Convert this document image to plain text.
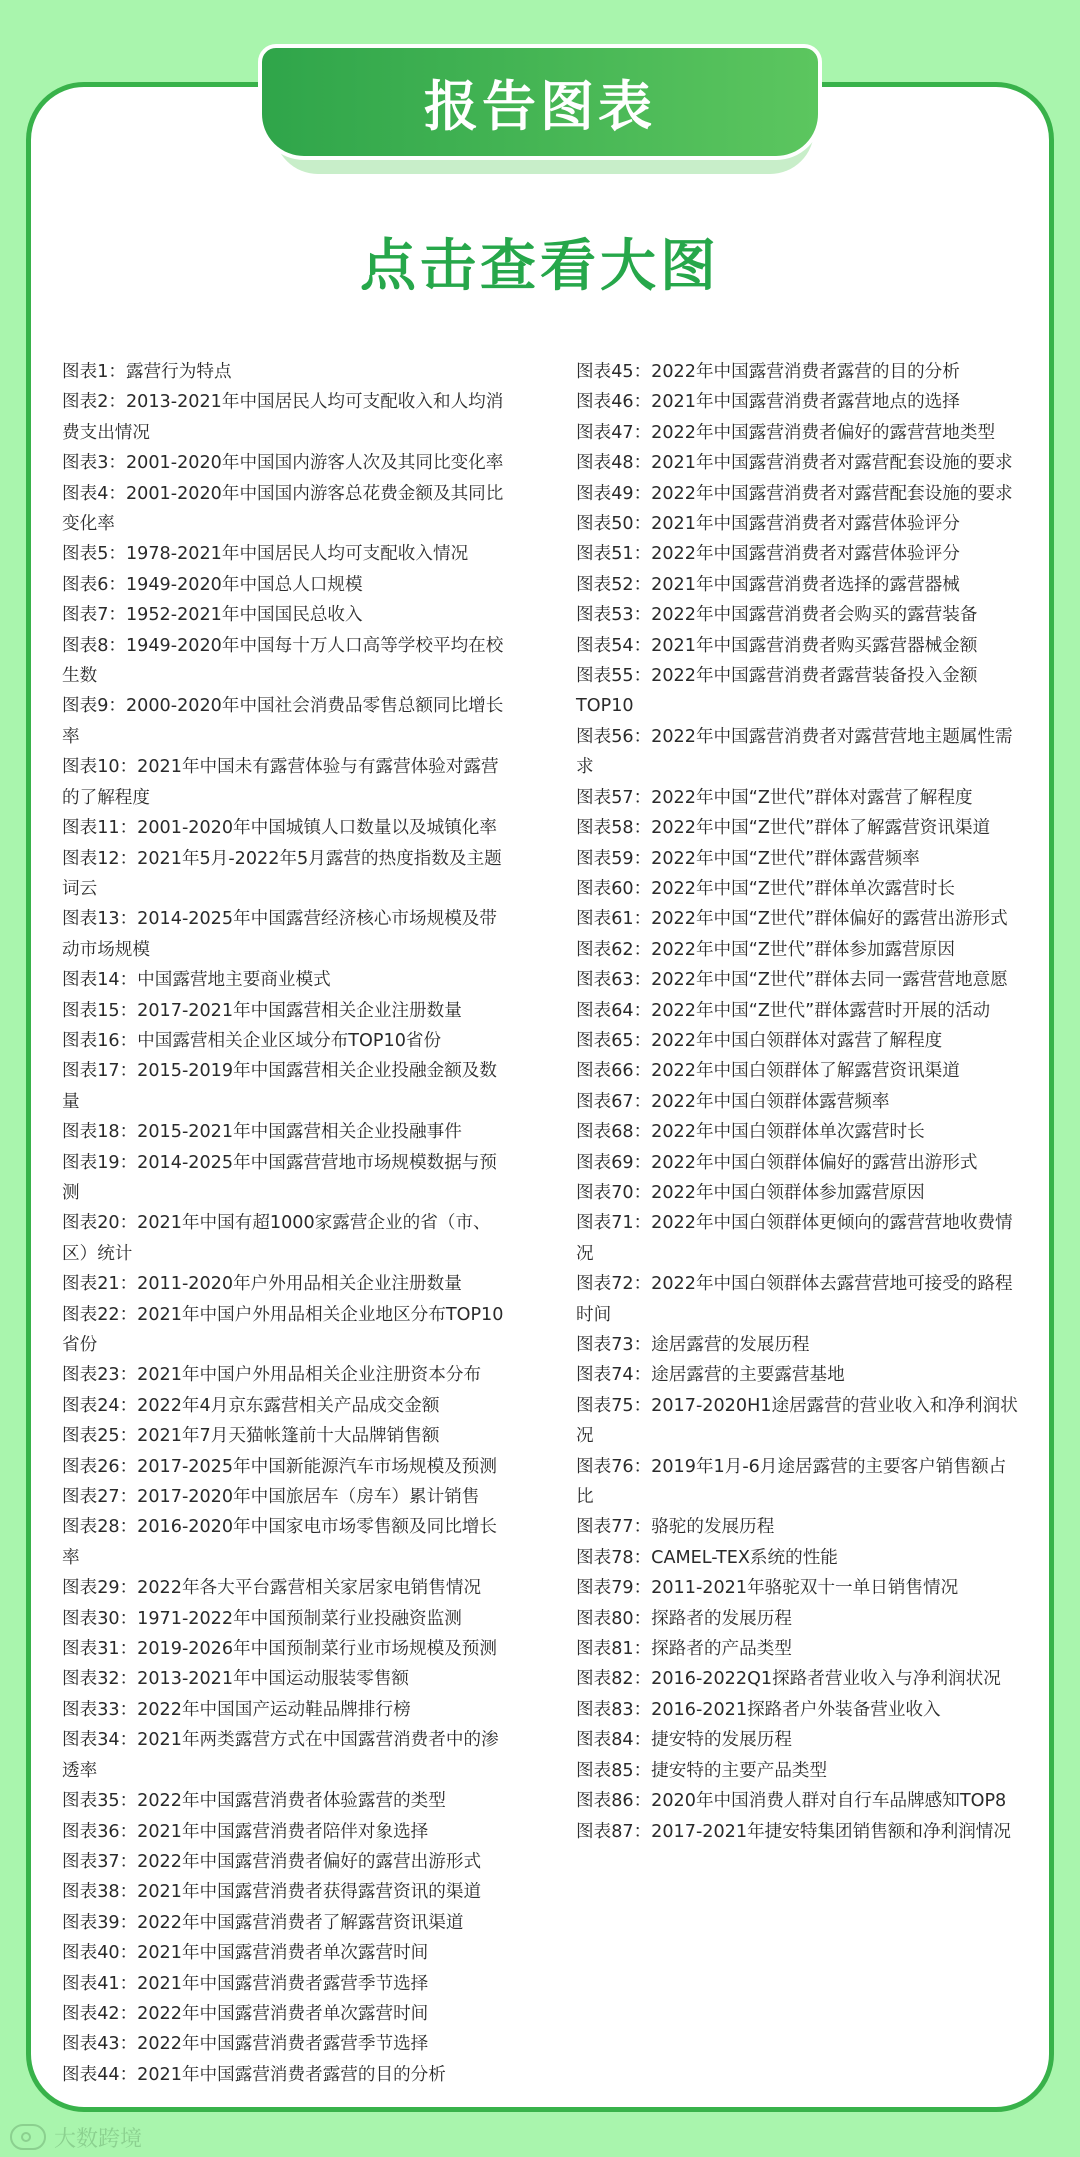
报告图表
点击查看大图
图表1：露营行为特点
图表2：2013-2021年中国居民人均可支配收入和人均消费支出情况
图表3：2001-2020年中国国内游客人次及其同比变化率
图表4：2001-2020年中国国内游客总花费金额及其同比变化率
图表5：1978-2021年中国居民人均可支配收入情况
图表6：1949-2020年中国总人口规模
图表7：1952-2021年中国国民总收入
图表8：1949-2020年中国每十万人口高等学校平均在校生数
图表9：2000-2020年中国社会消费品零售总额同比增长率
图表10：2021年中国未有露营体验与有露营体验对露营的了解程度
图表11：2001-2020年中国城镇人口数量以及城镇化率
图表12：2021年5月-2022年5月露营的热度指数及主题词云
图表13：2014-2025年中国露营经济核心市场规模及带动市场规模
图表14：中国露营地主要商业模式
图表15：2017-2021年中国露营相关企业注册数量
图表16：中国露营相关企业区域分布TOP10省份
图表17：2015-2019年中国露营相关企业投融金额及数量
图表18：2015-2021年中国露营相关企业投融事件
图表19：2014-2025年中国露营营地市场规模数据与预测
图表20：2021年中国有超1000家露营企业的省（市、区）统计
图表21：2011-2020年户外用品相关企业注册数量
图表22：2021年中国户外用品相关企业地区分布TOP10省份
图表23：2021年中国户外用品相关企业注册资本分布
图表24：2022年4月京东露营相关产品成交金额
图表25：2021年7月天猫帐篷前十大品牌销售额
图表26：2017-2025年中国新能源汽车市场规模及预测
图表27：2017-2020年中国旅居车（房车）累计销售
图表28：2016-2020年中国家电市场零售额及同比增长率
图表29：2022年各大平台露营相关家居家电销售情况
图表30：1971-2022年中国预制菜行业投融资监测
图表31：2019-2026年中国预制菜行业市场规模及预测
图表32：2013-2021年中国运动服装零售额
图表33：2022年中国国产运动鞋品牌排行榜
图表34：2021年两类露营方式在中国露营消费者中的渗透率
图表35：2022年中国露营消费者体验露营的类型
图表36：2021年中国露营消费者陪伴对象选择
图表37：2022年中国露营消费者偏好的露营出游形式
图表38：2021年中国露营消费者获得露营资讯的渠道
图表39：2022年中国露营消费者了解露营资讯渠道
图表40：2021年中国露营消费者单次露营时间
图表41：2021年中国露营消费者露营季节选择
图表42：2022年中国露营消费者单次露营时间
图表43：2022年中国露营消费者露营季节选择
图表44：2021年中国露营消费者露营的目的分析
图表45：2022年中国露营消费者露营的目的分析
图表46：2021年中国露营消费者露营地点的选择
图表47：2022年中国露营消费者偏好的露营营地类型
图表48：2021年中国露营消费者对露营配套设施的要求
图表49：2022年中国露营消费者对露营配套设施的要求
图表50：2021年中国露营消费者对露营体验评分
图表51：2022年中国露营消费者对露营体验评分
图表52：2021年中国露营消费者选择的露营器械
图表53：2022年中国露营消费者会购买的露营装备
图表54：2021年中国露营消费者购买露营器械金额
图表55：2022年中国露营消费者露营装备投入金额TOP10
图表56：2022年中国露营消费者对露营营地主题属性需求
图表57：2022年中国“Z世代”群体对露营了解程度
图表58：2022年中国“Z世代”群体了解露营资讯渠道
图表59：2022年中国“Z世代”群体露营频率
图表60：2022年中国“Z世代”群体单次露营时长
图表61：2022年中国“Z世代”群体偏好的露营出游形式
图表62：2022年中国“Z世代”群体参加露营原因
图表63：2022年中国“Z世代”群体去同一露营营地意愿
图表64：2022年中国“Z世代”群体露营时开展的活动
图表65：2022年中国白领群体对露营了解程度
图表66：2022年中国白领群体了解露营资讯渠道
图表67：2022年中国白领群体露营频率
图表68：2022年中国白领群体单次露营时长
图表69：2022年中国白领群体偏好的露营出游形式
图表70：2022年中国白领群体参加露营原因
图表71：2022年中国白领群体更倾向的露营营地收费情况
图表72：2022年中国白领群体去露营营地可接受的路程时间
图表73：途居露营的发展历程
图表74：途居露营的主要露营基地
图表75：2017-2020H1途居露营的营业收入和净利润状况
图表76：2019年1月-6月途居露营的主要客户销售额占比
图表77：骆驼的发展历程
图表78：CAMEL-TEX系统的性能
图表79：2011-2021年骆驼双十一单日销售情况
图表80：探路者的发展历程
图表81：探路者的产品类型
图表82：2016-2022Q1探路者营业收入与净利润状况
图表83：2016-2021探路者户外装备营业收入
图表84：捷安特的发展历程
图表85：捷安特的主要产品类型
图表86：2020年中国消费人群对自行车品牌感知TOP8
图表87：2017-2021年捷安特集团销售额和净利润情况
大数跨境
